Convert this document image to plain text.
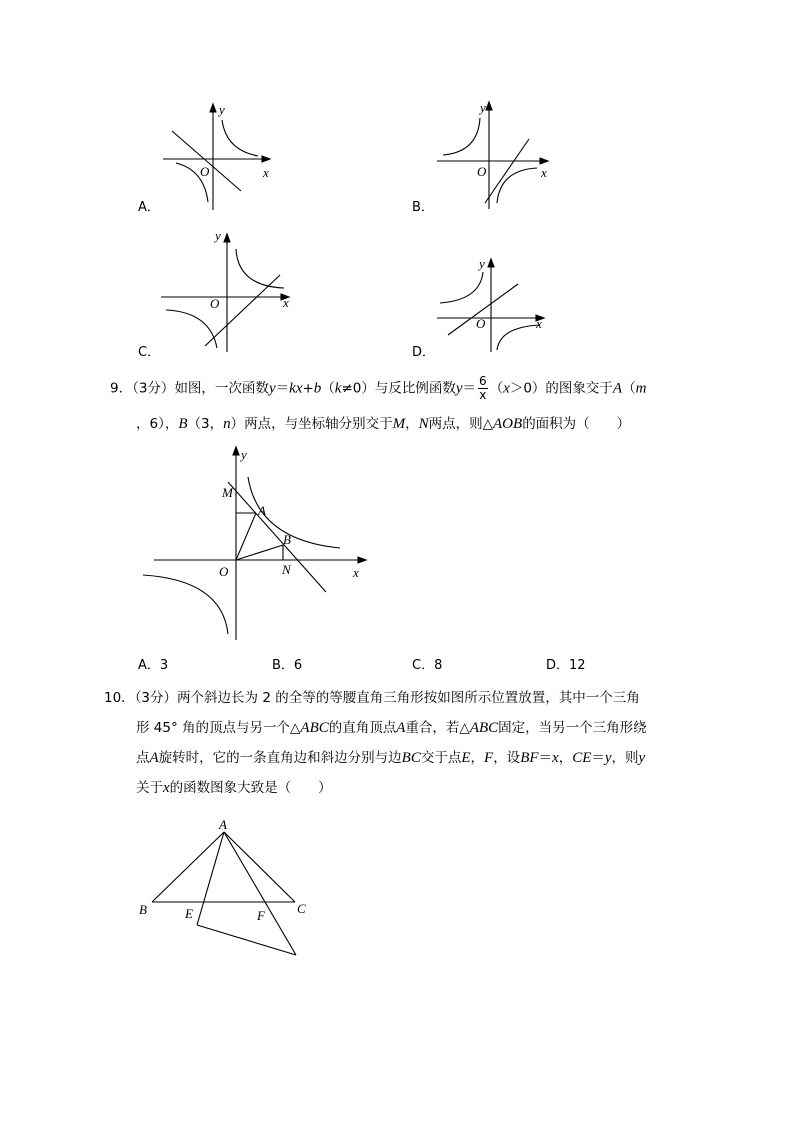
y
x
O
A．
y
x
O
B．
y
x
O
C．
y
x
O
D．
9．（3分）如图，一次函数y＝kx+b（k≠0）与反比例函数$y= \frac{6}{x} (x>0)$的图象交于A（m
，6），B（3，n）两点，与坐标轴分别交于M，N两点，则△AOB的面积为（　　）
y
x
M
A
B
O	N
A．3	B．6	C．8	D．12
10．（3分）两个斜边长为 2 的全等的等腰直角三角形按如图所示位置放置，其中一个三角
形 45° 角的顶点与另一个△ABC的直角顶点A重合，若△ABC固定，当另一个三角形绕
点A旋转时，它的一条直角边和斜边分别与边BC交于点E，F，设BF＝x，CE＝y，则y
关于x的函数图象大致是（　　）
A
B	C
E	F
